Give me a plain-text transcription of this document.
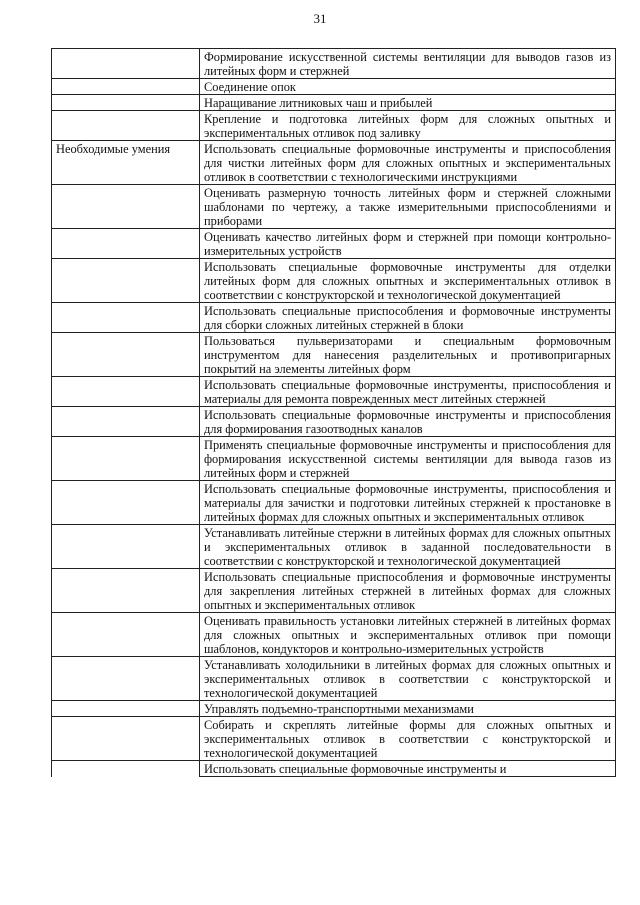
31
	Формирование искусственной системы вентиляции для выводов газов из литейных форм и стержней
	Соединение опок
	Наращивание литниковых чаш и прибылей
	Крепление и подготовка литейных форм для сложных опытных и экспериментальных отливок под заливку
Необходимые умения	Использовать специальные формовочные инструменты и приспособления для чистки литейных форм для сложных опытных и экспериментальных отливок в соответствии с технологическими инструкциями
	Оценивать размерную точность литейных форм и стержней сложными шаблонами по чертежу, а также измерительными приспособлениями и приборами
	Оценивать качество литейных форм и стержней при помощи контрольно-измерительных устройств
	Использовать специальные формовочные инструменты для отделки литейных форм для сложных опытных и экспериментальных отливок в соответствии с конструкторской и технологической документацией
	Использовать специальные приспособления и формовочные инструменты для сборки сложных литейных стержней в блоки
	Пользоваться пульверизаторами и специальным формовочным инструментом для нанесения разделительных и противопригарных покрытий на элементы литейных форм
	Использовать специальные формовочные инструменты, приспособления и материалы для ремонта поврежденных мест литейных стержней
	Использовать специальные формовочные инструменты и приспособления для формирования газоотводных каналов
	Применять специальные формовочные инструменты и приспособления для формирования искусственной системы вентиляции для вывода газов из литейных форм и стержней
	Использовать специальные формовочные инструменты, приспособления и материалы для зачистки и подготовки литейных стержней к простановке в литейных формах для сложных опытных и экспериментальных отливок
	Устанавливать литейные стержни в литейных формах для сложных опытных и экспериментальных отливок в заданной последовательности в соответствии с конструкторской и технологической документацией
	Использовать специальные приспособления и формовочные инструменты для закрепления литейных стержней в литейных формах для сложных опытных и экспериментальных отливок
	Оценивать правильность установки литейных стержней в литейных формах для сложных опытных и экспериментальных отливок при помощи шаблонов, кондукторов и контрольно-измерительных устройств
	Устанавливать холодильники в литейных формах для сложных опытных и экспериментальных отливок в соответствии с конструкторской и технологической документацией
	Управлять подъемно-транспортными механизмами
	Собирать и скреплять литейные формы для сложных опытных и экспериментальных отливок в соответствии с конструкторской и технологической документацией
	Использовать специальные формовочные инструменты и
